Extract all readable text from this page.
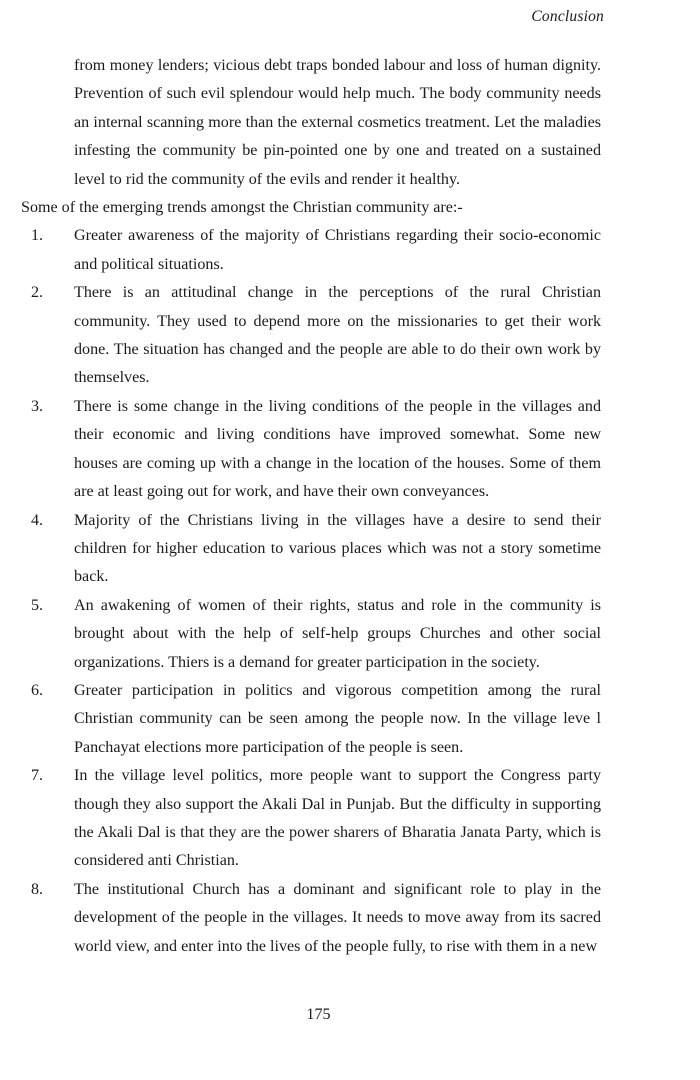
Conclusion

from money lenders; vicious debt traps bonded labour and loss of human dignity. Prevention of such evil splendour would help much. The body community needs an internal scanning more than the external cosmetics treatment. Let the maladies infesting the community be pin-pointed one by one and treated on a sustained level to rid the community of the evils and render it healthy.

Some of the emerging trends amongst the Christian community are:-

1. Greater awareness of the majority of Christians regarding their socio-economic and political situations.
2. There is an attitudinal change in the perceptions of the rural Christian community. They used to depend more on the missionaries to get their work done. The situation has changed and the people are able to do their own work by themselves.
3. There is some change in the living conditions of the people in the villages and their economic and living conditions have improved somewhat. Some new houses are coming up with a change in the location of the houses. Some of them are at least going out for work, and have their own conveyances.
4. Majority of the Christians living in the villages have a desire to send their children for higher education to various places which was not a story sometime back.
5. An awakening of women of their rights, status and role in the community is brought about with the help of self-help groups Churches and other social organizations. Thiers is a demand for greater participation in the society.
6. Greater participation in politics and vigorous competition among the rural Christian community can be seen among the people now. In the village leve l Panchayat elections more participation of the people is seen.
7. In the village level politics, more people want to support the Congress party though they also support the Akali Dal in Punjab. But the difficulty in supporting the Akali Dal is that they are the power sharers of Bharatia Janata Party, which is considered anti Christian.
8. The institutional Church has a dominant and significant role to play in the development of the people in the villages. It needs to move away from its sacred world view, and enter into the lives of the people fully, to rise with them in a new
175
